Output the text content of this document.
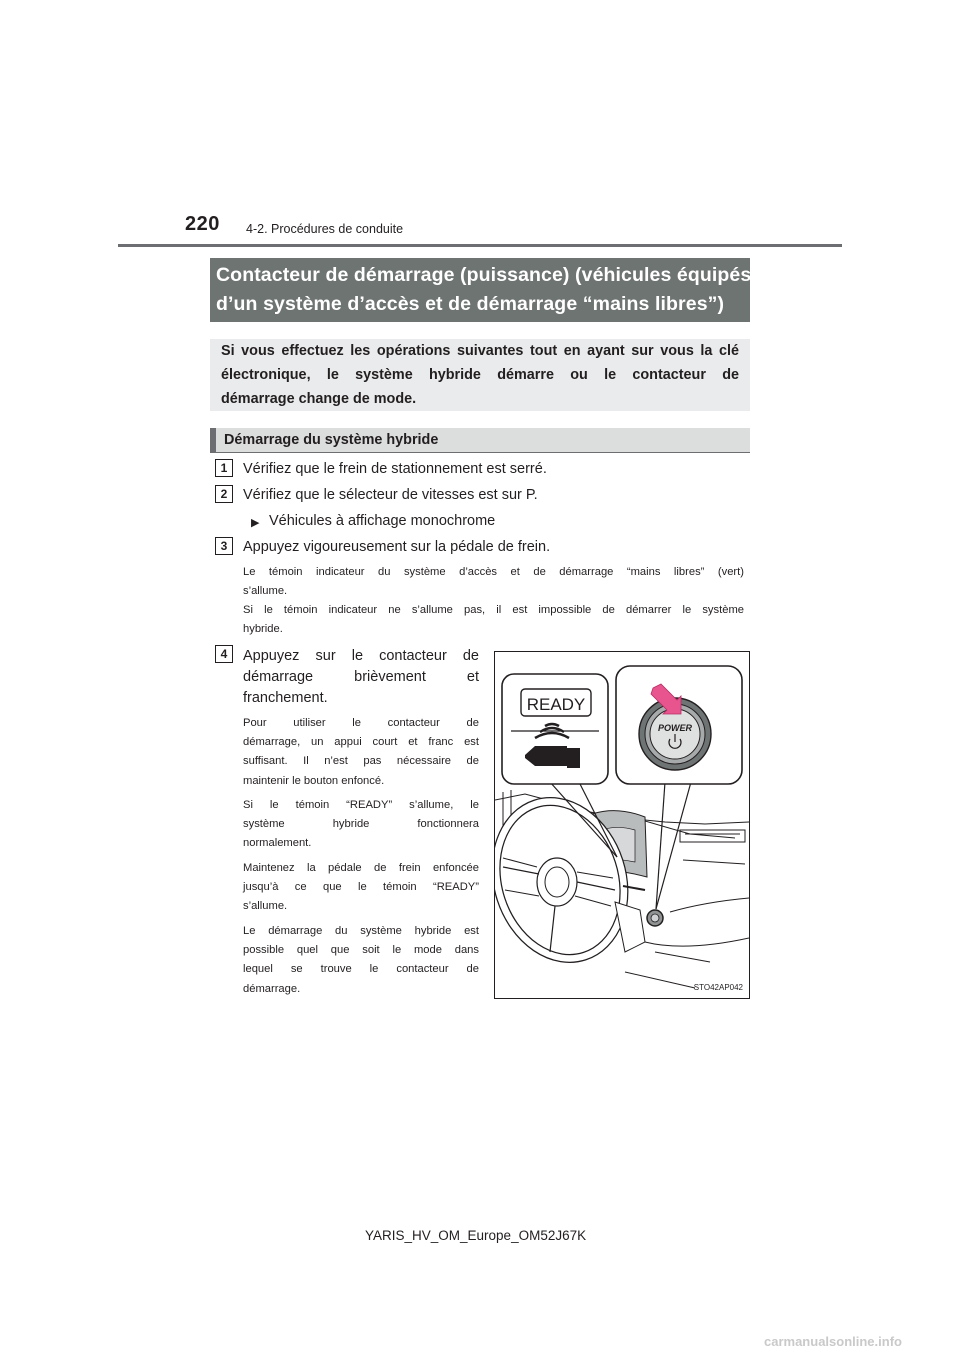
220 4-2. Procédures de conduite
Contacteur de démarrage (puissance) (véhicules équipés
d’un système d’accès et de démarrage “mains libres”)
Si vous effectuez les opérations suivantes tout en ayant sur vous la clé
électronique, le système hybride démarre ou le contacteur de
démarrage change de mode.
Démarrage du système hybride
1	Vérifiez que le frein de stationnement est serré.
2	Vérifiez que le sélecteur de vitesses est sur P.
▶ Véhicules à affichage monochrome
3	Appuyez vigoureusement sur la pédale de frein.
Le témoin indicateur du système d’accès et de démarrage “mains libres” (vert)
s’allume.
Si le témoin indicateur ne s’allume pas, il est impossible de démarrer le système
hybride.
4	Appuyez sur le contacteur de
démarrage brièvement et
franchement.
Pour utiliser le contacteur de
démarrage, un appui court et franc est
suffisant. Il n’est pas nécessaire de
maintenir le bouton enfoncé.
Si le témoin “READY” s’allume, le
système hybride fonctionnera
normalement.
Maintenez la pédale de frein enfoncée
jusqu’à ce que le témoin “READY”
s’allume.
Le démarrage du système hybride est
possible quel que soit le mode dans
lequel se trouve le contacteur de
démarrage.
READY
POWER
STO42AP042
YARIS_HV_OM_Europe_OM52J67K
carmanualsonline.info
